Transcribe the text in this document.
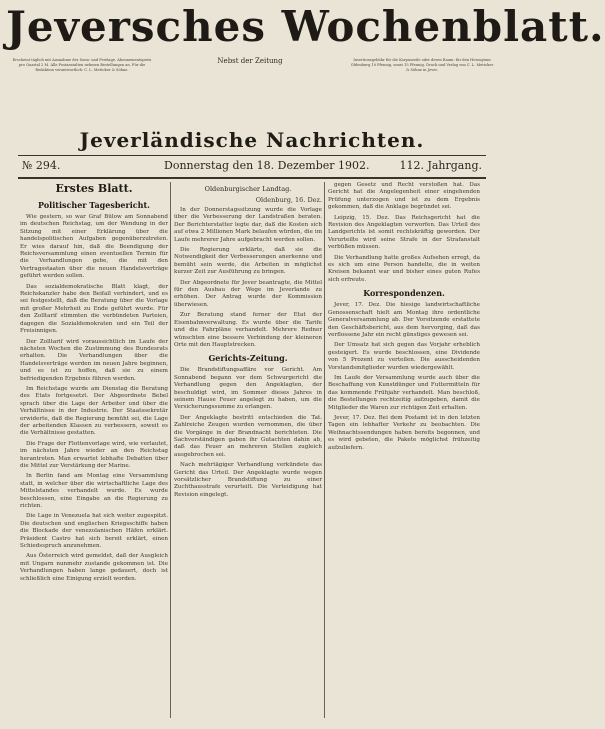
Jeversches Wochenblatt.
Erscheint täglich mit Ausnahme der Sonn- und Festtage. Abonnementspreis pro Quartal 2 M. Alle Postanstalten nehmen Bestellungen an. Für die Redaktion verantwortlich: C. L. Mettcker & Söhne.
Nebst der Zeitung	Insertionsgebühr für die Korpuszeile oder deren Raum: für den Herzogtum Oldenburg 10 Pfennig, sonst 15 Pfennig. Druck und Verlag von C. L. Mettcker & Söhne in Jever.
Jeverländische Nachrichten.
№ 294.	Donnerstag den 18. Dezember 1902.	112. Jahrgang.
Erstes Blatt.
Politischer Tagesbericht.

Wie gestern, so war Graf Bülow am Sonnabend im deutschen Reichstag, um der Wendung in der Sitzung mit einer Erklärung über die handelspolitischen Aufgaben gegenüberzutreten. Er wies darauf hin, daß die Beendigung der Reichsversammlung einen eventuellen Termin für die Verhandlungen gebe, die mit den Vertragsstaaten über die neuen Handelsverträge geführt werden sollen.

Das sozialdemokratische Blatt klagt, der Reichskanzler habe den Beifall verhindert, und es sei festgestellt, daß die Beratung über die Vorlage mit großer Mehrheit zu Ende geführt wurde. Für den Zolltarif stimmten die verbündeten Parteien, dagegen die Sozialdemokraten und ein Teil der Freisinnigen.

Der Zolltarif wird voraussichtlich im Laufe der nächsten Wochen die Zustimmung des Bundesrats erhalten. Die Verhandlungen über die Handelsverträge werden im neuen Jahre beginnen, und es ist zu hoffen, daß sie zu einem befriedigenden Ergebnis führen werden.

Im Reichstage wurde am Dienstag die Beratung des Etats fortgesetzt. Der Abgeordnete Bebel sprach über die Lage der Arbeiter und über die Verhältnisse in der Industrie. Der Staatssekretär erwiderte, daß die Regierung bemüht sei, die Lage der arbeitenden Klassen zu verbessern, soweit es die Verhältnisse gestatten.

Die Frage der Flottenvorlage wird, wie verlautet, im nächsten Jahre wieder an den Reichstag herantreten. Man erwartet lebhafte Debatten über die Mittel zur Verstärkung der Marine.

In Berlin fand am Montag eine Versammlung statt, in welcher über die wirtschaftliche Lage des Mittelstandes verhandelt wurde. Es wurde beschlossen, eine Eingabe an die Regierung zu richten.

Die Lage in Venezuela hat sich weiter zugespitzt. Die deutschen und englischen Kriegsschiffe haben die Blockade der venezolanischen Häfen erklärt. Präsident Castro hat sich bereit erklärt, einen Schiedsspruch anzunehmen.

Aus Österreich wird gemeldet, daß der Ausgleich mit Ungarn nunmehr zustande gekommen ist. Die Verhandlungen haben lange gedauert, doch ist schließlich eine Einigung erzielt worden.

Oldenburgischer Landtag.
Oldenburg, 16. Dez.

In der Donnerstagssitzung wurde die Vorlage über die Verbesserung der Landstraßen beraten. Der Berichterstatter legte dar, daß die Kosten sich auf etwa 2 Millionen Mark belaufen würden, die im Laufe mehrerer Jahre aufgebracht werden sollen.

Die Regierung erklärte, daß sie die Notwendigkeit der Verbesserungen anerkenne und bemüht sein werde, die Arbeiten in möglichst kurzer Zeit zur Ausführung zu bringen.

Der Abgeordnete für Jever beantragte, die Mittel für den Ausbau der Wege im Jeverlande zu erhöhen. Der Antrag wurde der Kommission überwiesen.

Zur Beratung stand ferner der Etat der Eisenbahnverwaltung. Es wurde über die Tarife und die Fahrpläne verhandelt. Mehrere Redner wünschten eine bessere Verbindung der kleineren Orte mit den Hauptstrecken.

Gerichts-Zeitung.

Die Brandstiftungsaffäre vor Gericht. Am Sonnabend begann vor dem Schwurgericht die Verhandlung gegen den Angeklagten, der beschuldigt wird, im Sommer dieses Jahres in seinem Hause Feuer angelegt zu haben, um die Versicherungssumme zu erlangen.

Der Angeklagte bestritt entschieden die Tat. Zahlreiche Zeugen wurden vernommen, die über die Vorgänge in der Brandnacht berichteten. Die Sachverständigen gaben ihr Gutachten dahin ab, daß das Feuer an mehreren Stellen zugleich ausgebrochen sei.

Nach mehrtägiger Verhandlung verkündete das Gericht das Urteil. Der Angeklagte wurde wegen vorsätzlicher Brandstiftung zu einer Zuchthausstrafe verurteilt. Die Verteidigung hat Revision eingelegt.

gegen Gesetz und Recht verstoßen hat. Das Gericht hat die Angelegenheit einer eingehenden Prüfung unterzogen und ist zu dem Ergebnis gekommen, daß die Anklage begründet sei.

Leipzig, 15. Dez. Das Reichsgericht hat die Revision des Angeklagten verworfen. Das Urteil des Landgerichts ist somit rechtskräftig geworden. Der Verurteilte wird seine Strafe in der Strafanstalt verbüßen müssen.

Die Verhandlung hatte großes Aufsehen erregt, da es sich um eine Person handelte, die in weiten Kreisen bekannt war und bisher eines guten Rufes sich erfreute.

Korrespondenzen.

Jever, 17. Dez. Die hiesige landwirtschaftliche Genossenschaft hielt am Montag ihre ordentliche Generalversammlung ab. Der Vorsitzende erstattete den Geschäftsbericht, aus dem hervorging, daß das verflossene Jahr ein recht günstiges gewesen sei.

Der Umsatz hat sich gegen das Vorjahr erheblich gesteigert. Es wurde beschlossen, eine Dividende von 5 Prozent zu verteilen. Die ausscheidenden Vorstandsmitglieder wurden wiedergewählt.

Im Laufe der Versammlung wurde auch über die Beschaffung von Kunstdünger und Futtermitteln für das kommende Frühjahr verhandelt. Man beschloß, die Bestellungen rechtzeitig aufzugeben, damit die Mitglieder die Waren zur richtigen Zeit erhalten.

Jever, 17. Dez. Bei dem Postamt ist in den letzten Tagen ein lebhafter Verkehr zu beobachten. Die Weihnachtssendungen haben bereits begonnen, und es wird gebeten, die Pakete möglichst frühzeitig aufzuliefern.
